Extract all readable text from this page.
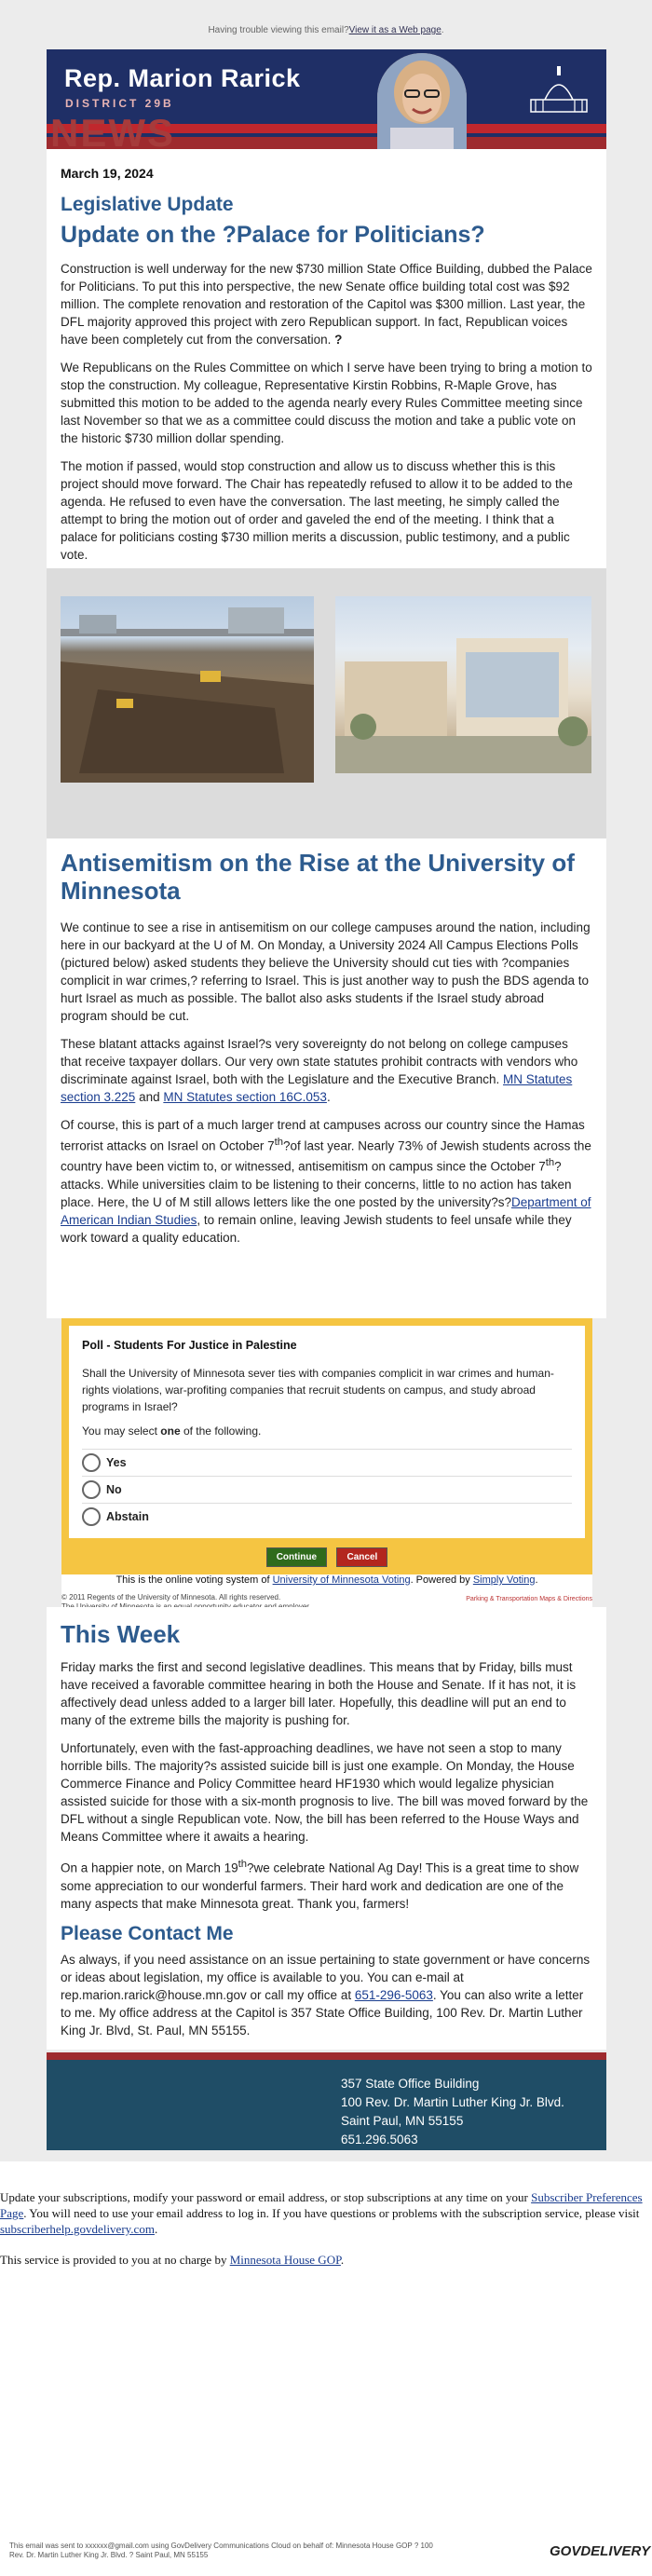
Having trouble viewing this email?View it as a Web page.
NEWS
Rep. Marion Rarick
DISTRICT 29B
March 19, 2024
Legislative Update
Update on the ?Palace for Politicians?

Construction is well underway for the new $730 million State Office Building, dubbed the Palace for Politicians. To put this into perspective, the new Senate office building total cost was $92 million. The complete renovation and restoration of the Capitol was $300 million. Last year, the DFL majority approved this project with zero Republican support. In fact, Republican voices have been completely cut from the conversation. ?

We Republicans on the Rules Committee on which I serve have been trying to bring a motion to stop the construction. My colleague, Representative Kirstin Robbins, R-Maple Grove, has submitted this motion to be added to the agenda nearly every Rules Committee meeting since last November so that we as a committee could discuss the motion and take a public vote on the historic $730 million dollar spending.

The motion if passed, would stop construction and allow us to discuss whether this is this project should move forward. The Chair has repeatedly refused to allow it to be added to the agenda. He refused to even have the conversation. The last meeting, he simply called the attempt to bring the motion out of order and gaveled the end of the meeting. I think that a palace for politicians costing $730 million merits a discussion, public testimony, and a public vote.

Antisemitism on the Rise at the University of Minnesota

We continue to see a rise in antisemitism on our college campuses around the nation, including here in our backyard at the U of M. On Monday, a University 2024 All Campus Elections Polls (pictured below) asked students they believe the University should cut ties with ?companies complicit in war crimes,? referring to Israel. This is just another way to push the BDS agenda to hurt Israel as much as possible. The ballot also asks students if the Israel study abroad program should be cut.

These blatant attacks against Israel?s very sovereignty do not belong on college campuses that receive taxpayer dollars. Our very own state statutes prohibit contracts with vendors who discriminate against Israel, both with the Legislature and the Executive Branch. MN Statutes section 3.225 and MN Statutes section 16C.053.

Of course, this is part of a much larger trend at campuses across our country since the Hamas terrorist attacks on Israel on October 7th?of last year. Nearly 73% of Jewish students across the country have been victim to, or witnessed, antisemitism on campus since the October 7th?attacks. While universities claim to be listening to their concerns, little to no action has taken place. Here, the U of M still allows letters like the one posted by the university?s?Department of American Indian Studies, to remain online, leaving Jewish students to feel unsafe while they work toward a quality education.

Poll - Students For Justice in Palestine
Shall the University of Minnesota sever ties with companies complicit in war crimes and human-rights violations, war-profiting companies that recruit students on campus, and study abroad programs in Israel?
You may select one of the following.
Yes
No
Abstain
Continue	Cancel
This is the online voting system of University of Minnesota Voting. Powered by Simply Voting.
© 2011 Regents of the University of Minnesota. All rights reserved.	Parking & Transportation Maps & Directions
This Week

Friday marks the first and second legislative deadlines. This means that by Friday, bills must have received a favorable committee hearing in both the House and Senate. If it has not, it is affectively dead unless added to a larger bill later. Hopefully, this deadline will put an end to many of the extreme bills the majority is pushing for.

Unfortunately, even with the fast-approaching deadlines, we have not seen a stop to many horrible bills. The majority?s assisted suicide bill is just one example. On Monday, the House Commerce Finance and Policy Committee heard HF1930 which would legalize physician assisted suicide for those with a six-month prognosis to live. The bill was moved forward by the DFL without a single Republican vote. Now, the bill has been referred to the House Ways and Means Committee where it awaits a hearing.

On a happier note, on March 19th?we celebrate National Ag Day! This is a great time to show some appreciation to our wonderful farmers. Their hard work and dedication are one of the many aspects that make Minnesota great. Thank you, farmers!

Please Contact Me

As always, if you need assistance on an issue pertaining to state government or have concerns or ideas about legislation, my office is available to you. You can e-mail at rep.marion.rarick@house.mn.gov or call my office at 651-296-5063. You can also write a letter to me. My office address at the Capitol is 357 State Office Building, 100 Rev. Dr. Martin Luther King Jr. Blvd, St. Paul, MN 55155.

357 State Office Building
100 Rev. Dr. Martin Luther King Jr. Blvd.
Saint Paul, MN 55155
651.296.5063

Update your subscriptions, modify your password or email address, or stop subscriptions at any time on your Subscriber Preferences Page. You will need to use your email address to log in. If you have questions or problems with the subscription service, please visit subscriberhelp.govdelivery.com.

This service is provided to you at no charge by Minnesota House GOP.

This email was sent to xxxxxx@gmail.com using GovDelivery Communications Cloud on behalf of: Minnesota House GOP ? 100
Rev. Dr. Martin Luther King Jr. Blvd. ? Saint Paul, MN 55155	GOVDELIVERY
